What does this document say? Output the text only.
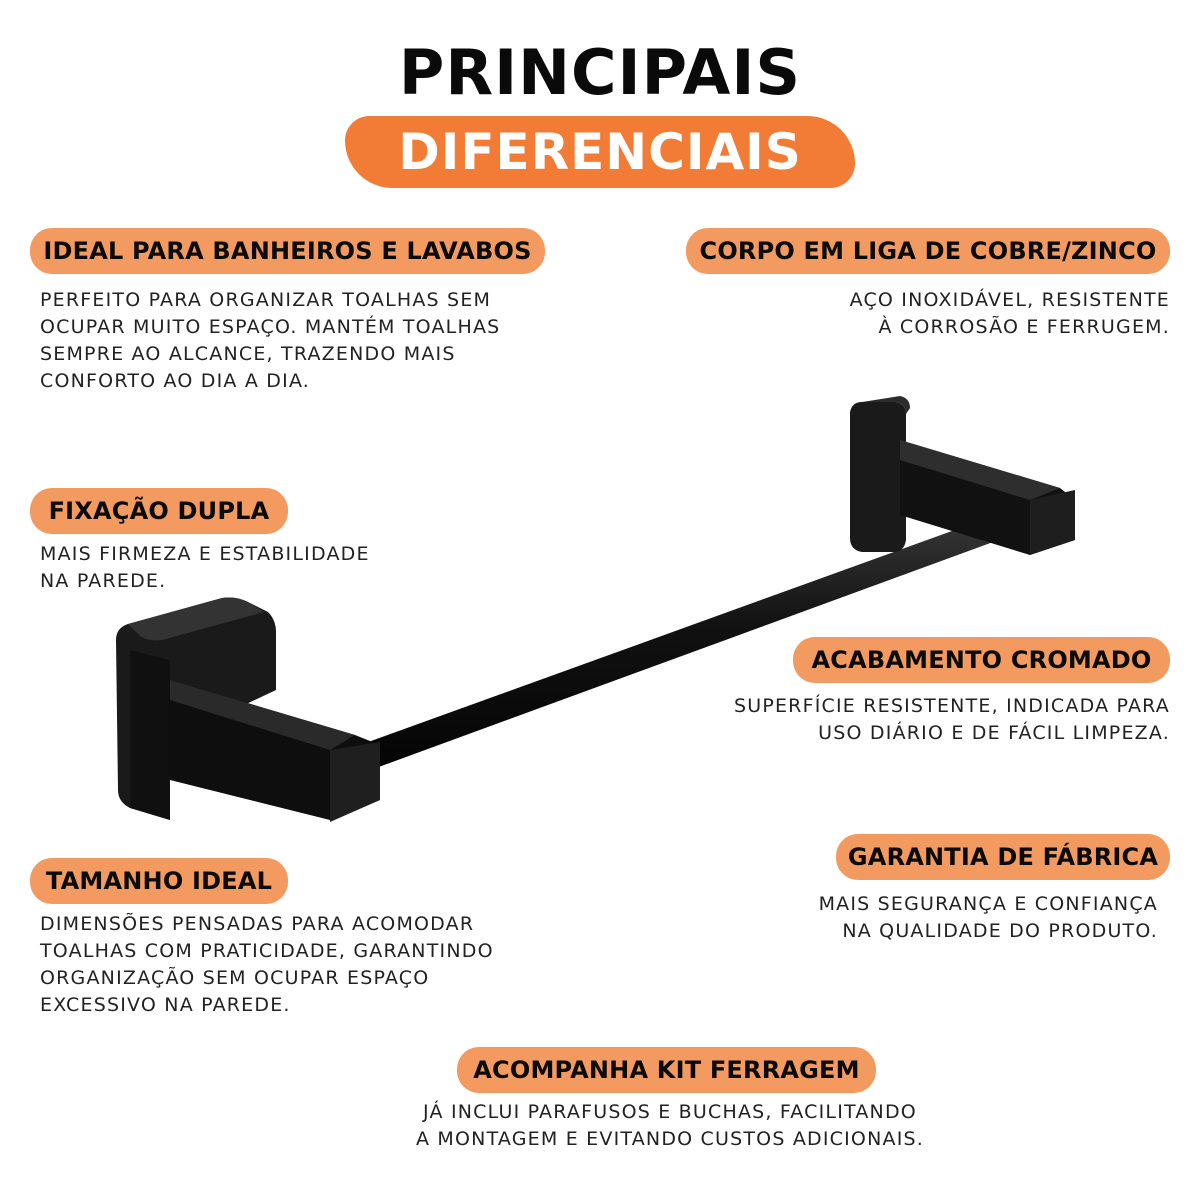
PRINCIPAIS
DIFERENCIAIS
IDEAL PARA BANHEIROS E LAVABOS
PERFEITO PARA ORGANIZAR TOALHAS SEM
OCUPAR MUITO ESPAÇO. MANTÉM TOALHAS
SEMPRE AO ALCANCE, TRAZENDO MAIS
CONFORTO AO DIA A DIA.
CORPO EM LIGA DE COBRE/ZINCO
AÇO INOXIDÁVEL, RESISTENTE
À CORROSÃO E FERRUGEM.
FIXAÇÃO DUPLA
MAIS FIRMEZA E ESTABILIDADE
NA PAREDE.
ACABAMENTO CROMADO
SUPERFÍCIE RESISTENTE, INDICADA PARA
USO DIÁRIO E DE FÁCIL LIMPEZA.
TAMANHO IDEAL
DIMENSÕES PENSADAS PARA ACOMODAR
TOALHAS COM PRATICIDADE, GARANTINDO
ORGANIZAÇÃO SEM OCUPAR ESPAÇO
EXCESSIVO NA PAREDE.
GARANTIA DE FÁBRICA
MAIS SEGURANÇA E CONFIANÇA
NA QUALIDADE DO PRODUTO.
ACOMPANHA KIT FERRAGEM
JÁ INCLUI PARAFUSOS E BUCHAS, FACILITANDO
A MONTAGEM E EVITANDO CUSTOS ADICIONAIS.
